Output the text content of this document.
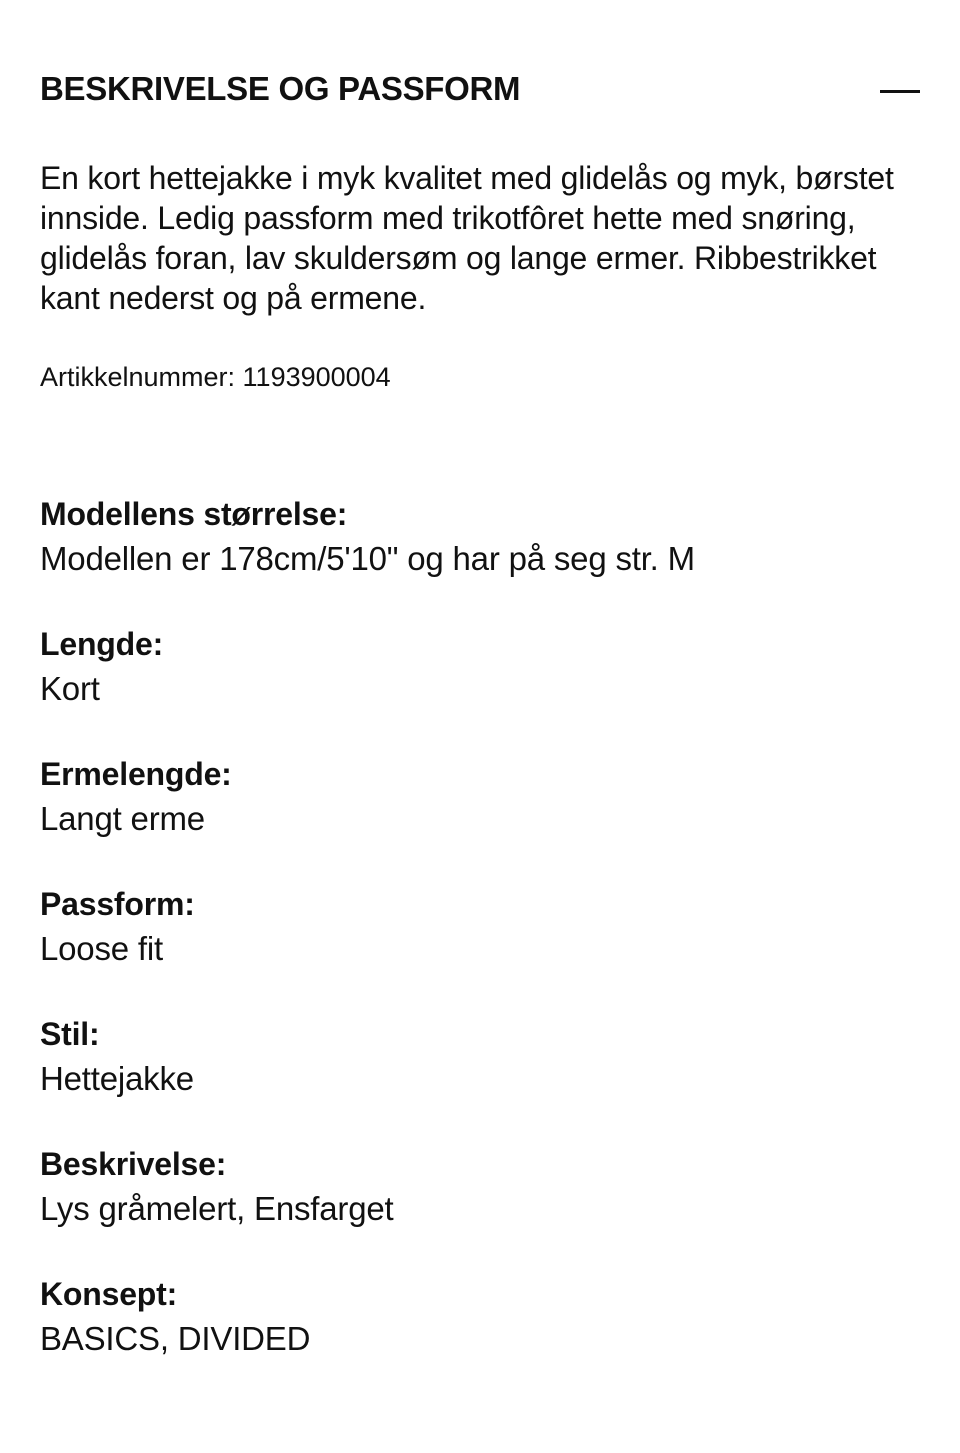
BESKRIVELSE OG PASSFORM

En kort hettejakke i myk kvalitet med glidelås og myk, børstet innside. Ledig passform med trikotfôret hette med snøring, glidelås foran, lav skuldersøm og lange ermer. Ribbestrikket kant nederst og på ermene.

Artikkelnummer: 1193900004
Modellens størrelse:
Modellen er 178cm/5'10" og har på seg str. M
Lengde:
Kort
Ermelengde:
Langt erme
Passform:
Loose fit
Stil:
Hettejakke
Beskrivelse:
Lys gråmelert, Ensfarget
Konsept:
BASICS, DIVIDED
